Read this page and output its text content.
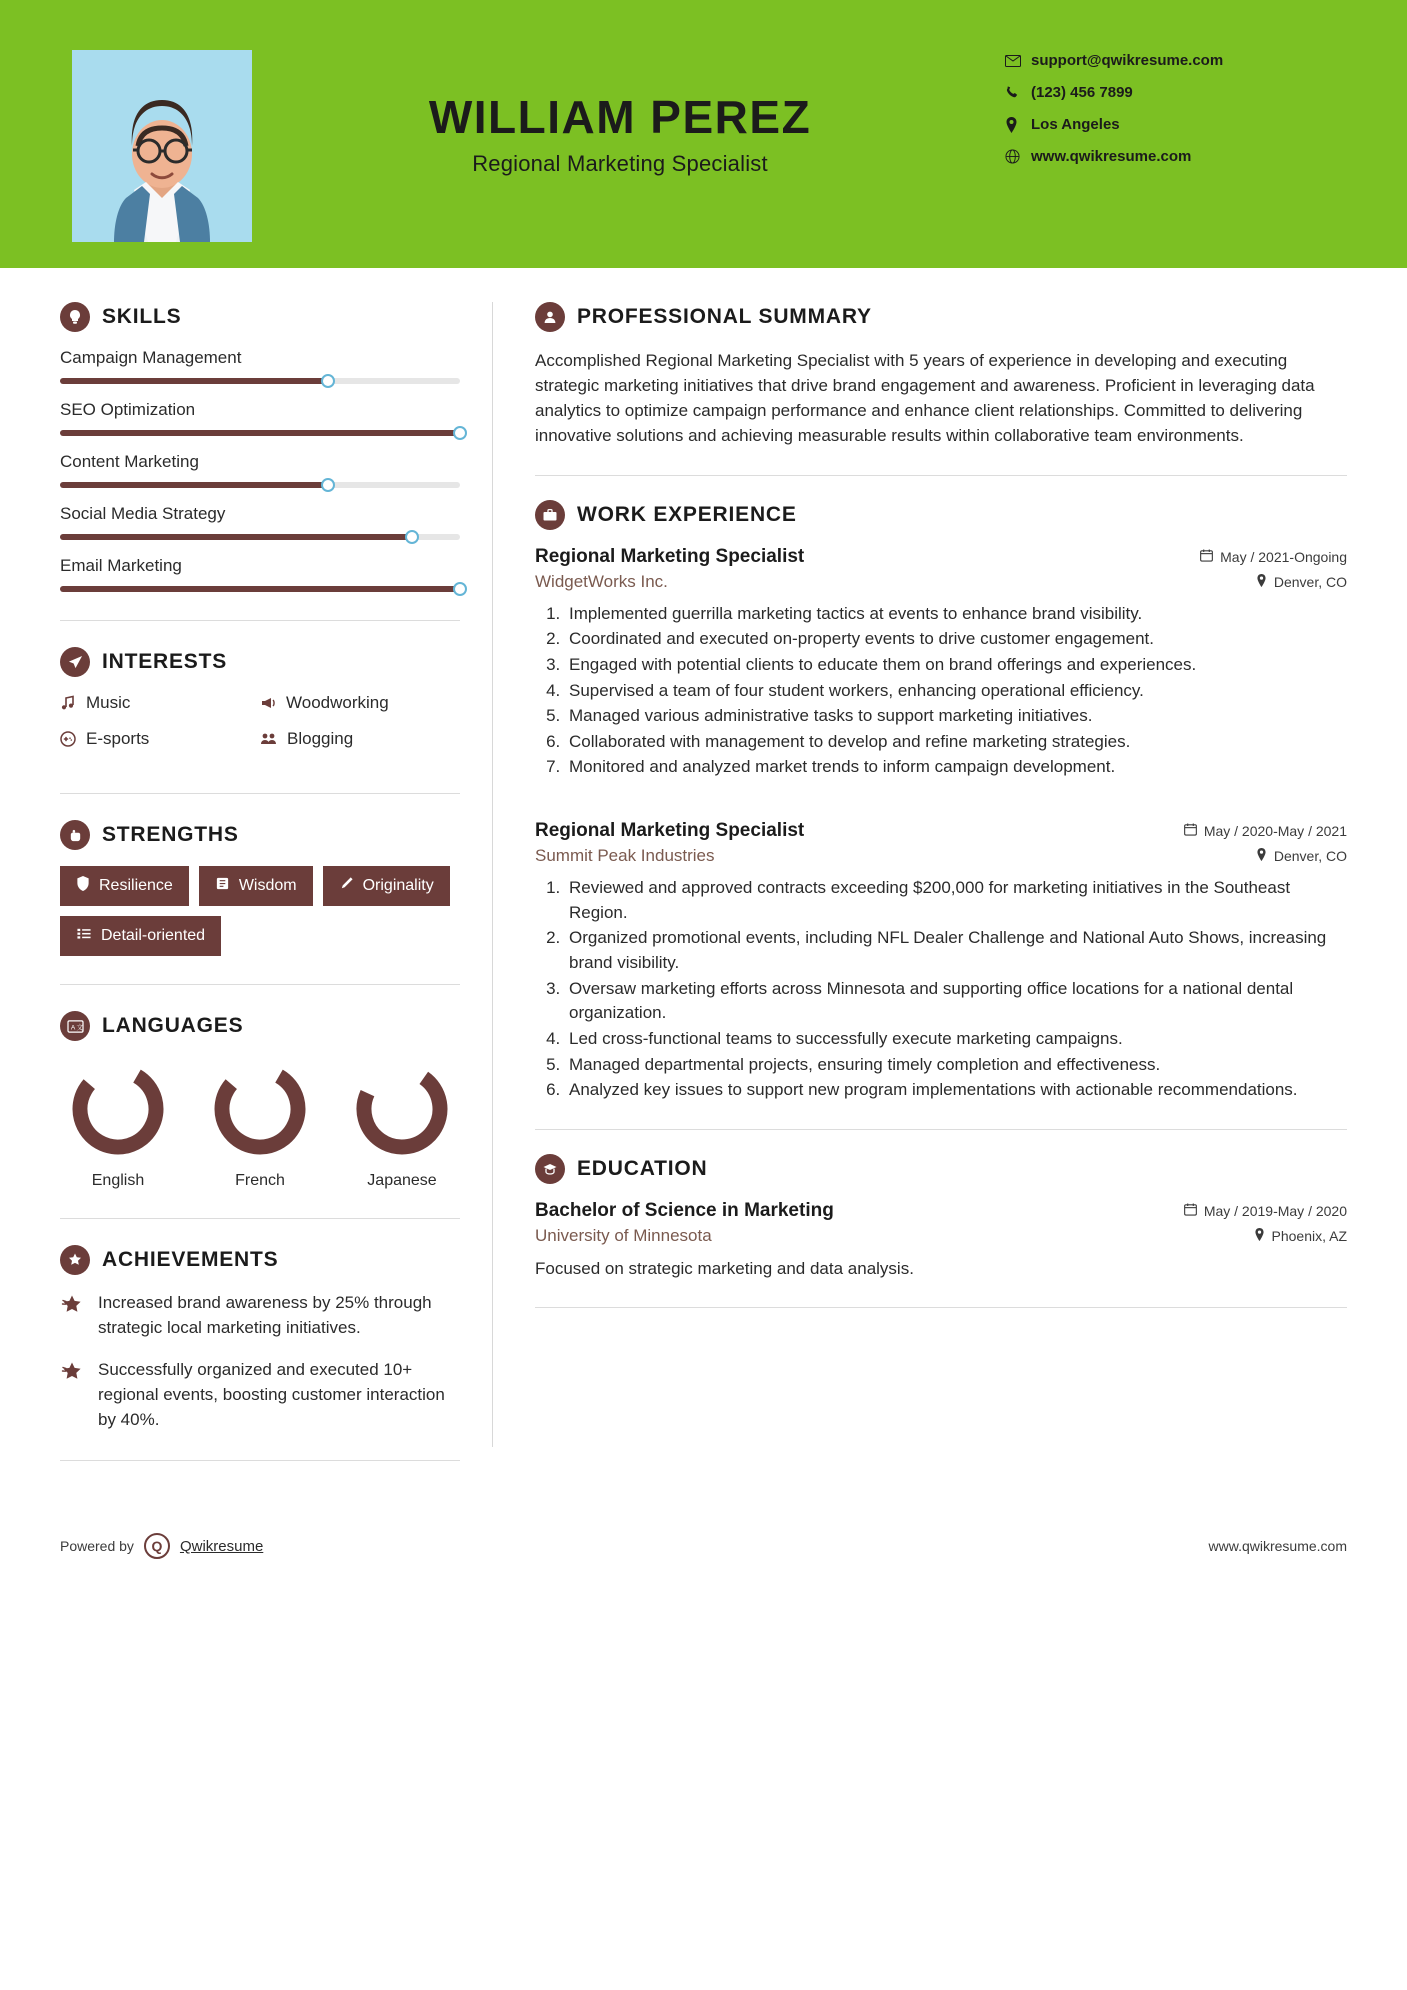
WILLIAM PEREZ
Regional Marketing Specialist
support@qwikresume.com
(123) 456 7899
Los Angeles
www.qwikresume.com
SKILLS
Campaign Management
SEO Optimization
Content Marketing
Social Media Strategy
Email Marketing
INTERESTS
Music	Woodworking
E-sports	Blogging
STRENGTHS
Resilience	Wisdom	Originality
Detail-oriented
A 文 LANGUAGES
English	French	Japanese
ACHIEVEMENTS
Increased brand awareness by 25% through strategic local marketing initiatives.
Successfully organized and executed 10+ regional events, boosting customer interaction by 40%.
PROFESSIONAL SUMMARY
Accomplished Regional Marketing Specialist with 5 years of experience in developing and executing strategic marketing initiatives that drive brand engagement and awareness. Proficient in leveraging data analytics to optimize campaign performance and enhance client relationships. Committed to delivering innovative solutions and achieving measurable results within collaborative team environments.
WORK EXPERIENCE
Regional Marketing Specialist	May / 2021-Ongoing
WidgetWorks Inc.	Denver, CO
1. Implemented guerrilla marketing tactics at events to enhance brand visibility.
2. Coordinated and executed on-property events to drive customer engagement.
3. Engaged with potential clients to educate them on brand offerings and experiences.
4. Supervised a team of four student workers, enhancing operational efficiency.
5. Managed various administrative tasks to support marketing initiatives.
6. Collaborated with management to develop and refine marketing strategies.
7. Monitored and analyzed market trends to inform campaign development.
Regional Marketing Specialist	May / 2020-May / 2021
Summit Peak Industries	Denver, CO
1. Reviewed and approved contracts exceeding $200,000 for marketing initiatives in the Southeast Region.
2. Organized promotional events, including NFL Dealer Challenge and National Auto Shows, increasing brand visibility.
3. Oversaw marketing efforts across Minnesota and supporting office locations for a national dental organization.
4. Led cross-functional teams to successfully execute marketing campaigns.
5. Managed departmental projects, ensuring timely completion and effectiveness.
6. Analyzed key issues to support new program implementations with actionable recommendations.
EDUCATION
Bachelor of Science in Marketing	May / 2019-May / 2020
University of Minnesota	Phoenix, AZ
Focused on strategic marketing and data analysis.
Powered by	Q	Qwikresume	www.qwikresume.com
